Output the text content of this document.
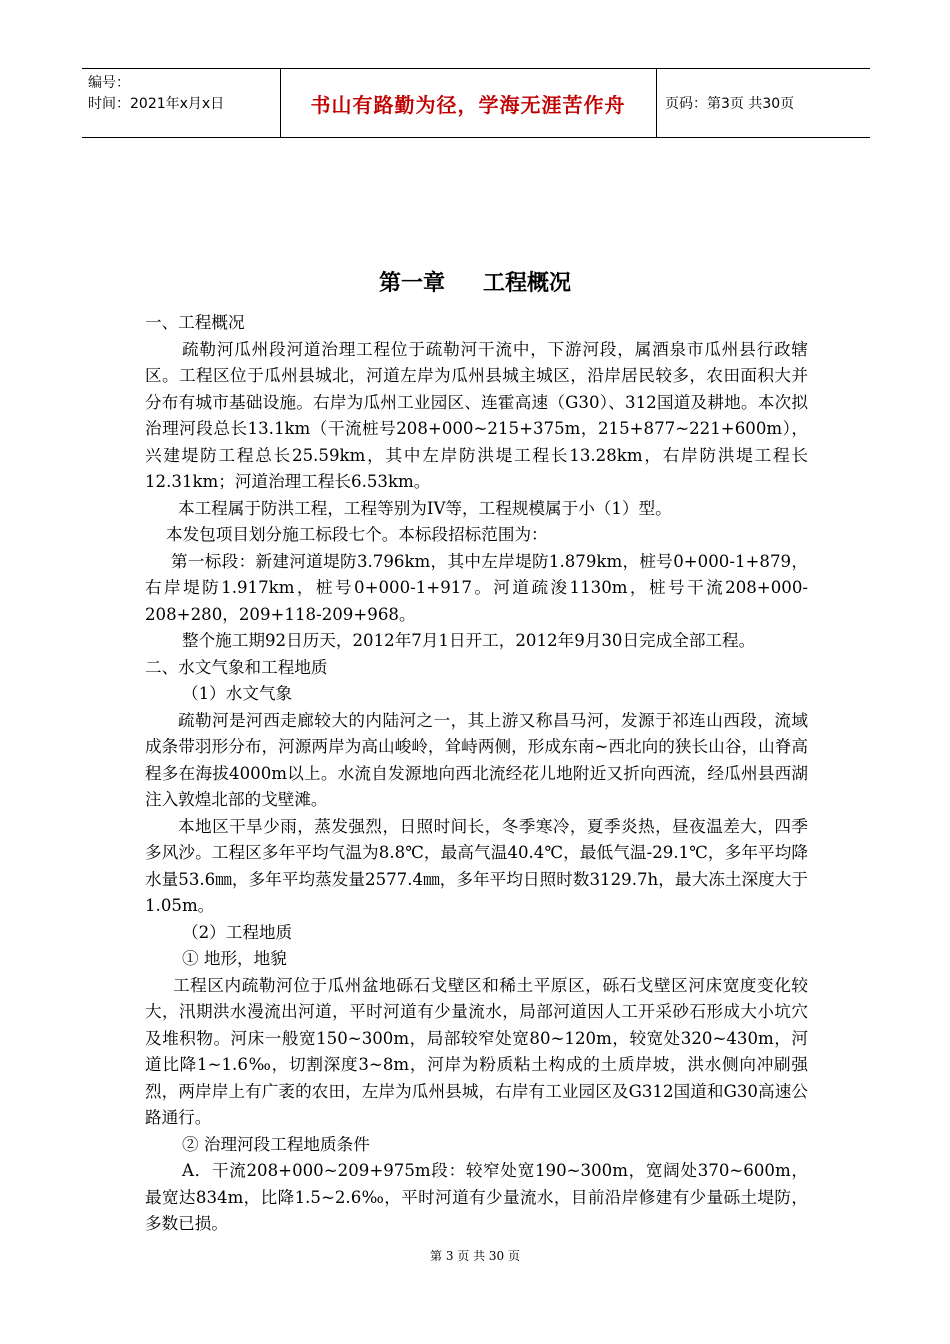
编号：
时间：2021年x月x日	书山有路勤为径，学海无涯苦作舟	页码：第3页 共30页
第一章 工程概况

一、工程概况

疏勒河瓜州段河道治理工程位于疏勒河干流中，下游河段，属酒泉市瓜州县行政辖区。工程区位于瓜州县城北，河道左岸为瓜州县城主城区，沿岸居民较多，农田面积大并分布有城市基础设施。右岸为瓜州工业园区、连霍高速（G30）、312国道及耕地。本次拟治理河段总长13.1km（干流桩号208+000~215+375m，215+877~221+600m），兴建堤防工程总长25.59km，其中左岸防洪堤工程长13.28km，右岸防洪堤工程长12.31km；河道治理工程长6.53km。

本工程属于防洪工程，工程等别为IV等，工程规模属于小（1）型。

本发包项目划分施工标段七个。本标段招标范围为：

第一标段：新建河道堤防3.796km，其中左岸堤防1.879km，桩号0+000-1+879，右岸堤防1.917km，桩号0+000-1+917。河道疏浚1130m，桩号干流208+000-208+280，209+118-209+968。

整个施工期92日历天，2012年7月1日开工，2012年9月30日完成全部工程。

二、水文气象和工程地质

（1）水文气象

疏勒河是河西走廊较大的内陆河之一，其上游又称昌马河，发源于祁连山西段，流域成条带羽形分布，河源两岸为高山峻岭，耸峙两侧，形成东南~西北向的狭长山谷，山脊高程多在海拔4000m以上。水流自发源地向西北流经花儿地附近又折向西流，经瓜州县西湖注入敦煌北部的戈壁滩。

本地区干旱少雨，蒸发强烈，日照时间长，冬季寒冷，夏季炎热，昼夜温差大，四季多风沙。工程区多年平均气温为8.8℃，最高气温40.4℃，最低气温-29.1℃，多年平均降水量53.6㎜，多年平均蒸发量2577.4㎜，多年平均日照时数3129.7h，最大冻土深度大于1.05m。

（2）工程地质

① 地形，地貌

工程区内疏勒河位于瓜州盆地砾石戈壁区和稀土平原区，砾石戈壁区河床宽度变化较大，汛期洪水漫流出河道，平时河道有少量流水，局部河道因人工开采砂石形成大小坑穴及堆积物。河床一般宽150~300m，局部较窄处宽80~120m，较宽处320~430m，河道比降1~1.6‰，切割深度3~8m，河岸为粉质粘土构成的土质岸坡，洪水侧向冲刷强烈，两岸岸上有广袤的农田，左岸为瓜州县城，右岸有工业园区及G312国道和G30高速公路通行。

② 治理河段工程地质条件

A．干流208+000~209+975m段：较窄处宽190~300m，宽阔处370~600m，最宽达834m，比降1.5~2.6‰，平时河道有少量流水，目前沿岸修建有少量砾土堤防，多数已损。

第 3 页 共 30 页
